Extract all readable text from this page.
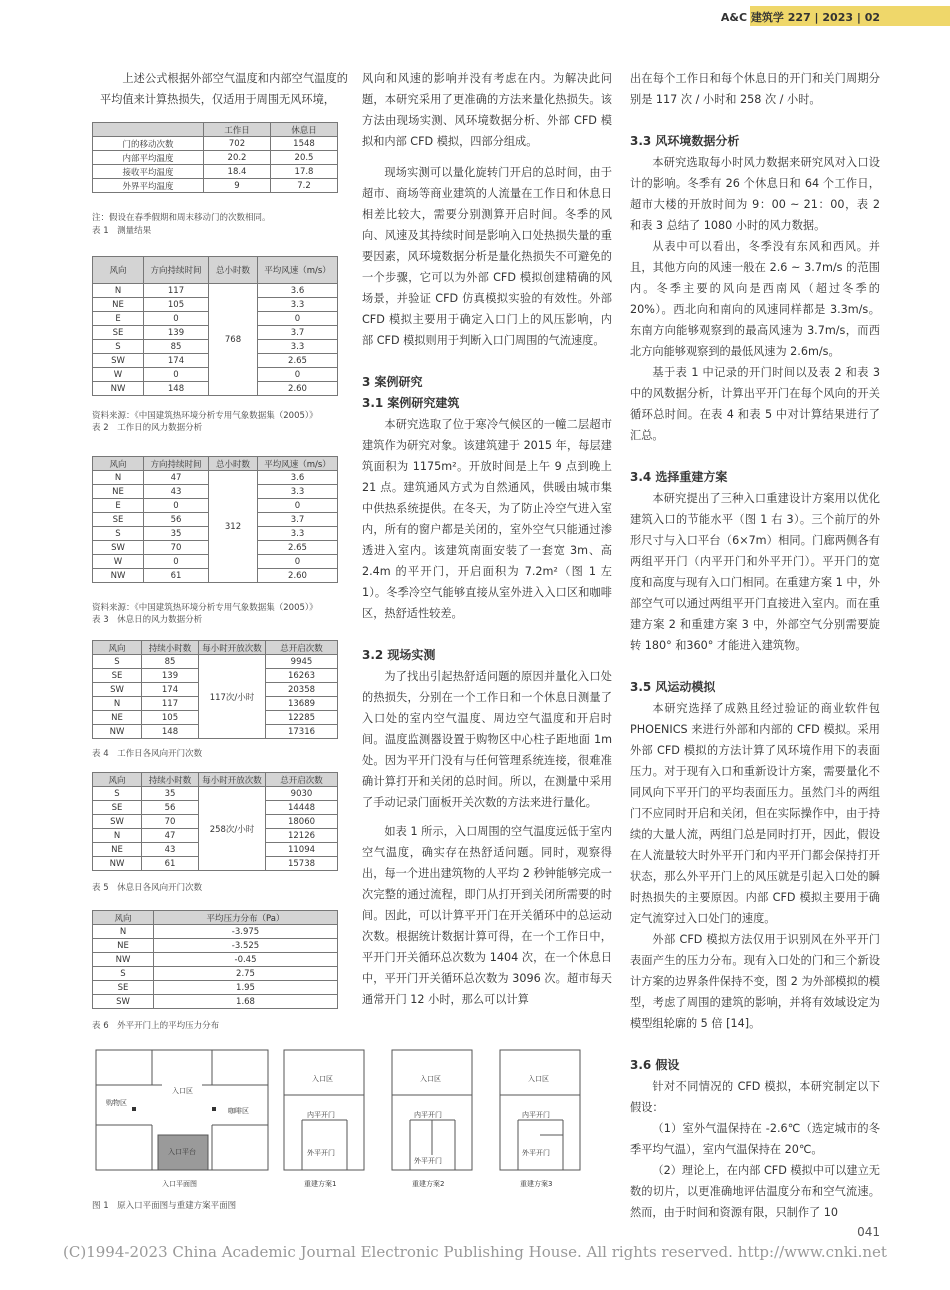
A&C 建筑学 227 | 2023 | 02

上述公式根据外部空气温度和内部空气温度的平均值来计算热损失，仅适用于周围无风环境，

	工作日	休息日
门的移动次数	702	1548
内部平均温度	20.2	20.5
接收平均温度	18.4	17.8
外界平均温度	9	7.2
注：假设在春季假期和周末移动门的次数相同。
表 1　测量结果
风向	方向持续时间	总小时数	平均风速（m/s）
N	117	768	3.6
NE	105		3.3
E	0		0
SE	139		3.7
S	85		3.3
SW	174		2.65
W	0		0
NW	148		2.60
资料来源：《中国建筑热环境分析专用气象数据集（2005）》
表 2　工作日的风力数据分析
风向	方向持续时间	总小时数	平均风速（m/s）
N	47	312	3.6
NE	43		3.3
E	0		0
SE	56		3.7
S	35		3.3
SW	70		2.65
W	0		0
NW	61		2.60
资料来源：《中国建筑热环境分析专用气象数据集（2005）》
表 3　休息日的风力数据分析
风向	持续小时数	每小时开放次数	总开启次数
S	85	117次/小时	9945
SE	139		16263
SW	174		20358
N	117		13689
NE	105		12285
NW	148		17316
表 4　工作日各风向开门次数
风向	持续小时数	每小时开放次数	总开启次数
S	35	258次/小时	9030
SE	56		14448
SW	70		18060
N	47		12126
NE	43		11094
NW	61		15738
表 5　休息日各风向开门次数
风向	平均压力分布（Pa）
N	-3.975
NE	-3.525
NW	-0.45
S	2.75
SE	1.95
SW	1.68
表 6　外平开门上的平均压力分布

风向和风速的影响并没有考虑在内。为解决此问题，本研究采用了更准确的方法来量化热损失。该方法由现场实测、风环境数据分析、外部 CFD 模拟和内部 CFD 模拟，四部分组成。

现场实测可以量化旋转门开启的总时间，由于超市、商场等商业建筑的人流量在工作日和休息日相差比较大，需要分别测算开启时间。冬季的风向、风速及其持续时间是影响入口处热损失量的重要因素，风环境数据分析是量化热损失不可避免的一个步骤，它可以为外部 CFD 模拟创建精确的风场景，并验证 CFD 仿真模拟实验的有效性。外部 CFD 模拟主要用于确定入口门上的风压影响，内部 CFD 模拟则用于判断入口门周围的气流速度。

3 案例研究
3.1 案例研究建筑

本研究选取了位于寒冷气候区的一幢二层超市建筑作为研究对象。该建筑建于 2015 年，每层建筑面积为 1175m²。开放时间是上午 9 点到晚上 21 点。建筑通风方式为自然通风，供暖由城市集中供热系统提供。在冬天，为了防止冷空气进入室内，所有的窗户都是关闭的，室外空气只能通过渗透进入室内。该建筑南面安装了一套宽 3m、高 2.4m 的平开门，开启面积为 7.2m²（图 1 左 1）。冬季冷空气能够直接从室外进入入口区和咖啡区，热舒适性较差。

3.2 现场实测

为了找出引起热舒适问题的原因并量化入口处的热损失，分别在一个工作日和一个休息日测量了入口处的室内空气温度、周边空气温度和开启时间。温度监测器设置于购物区中心柱子距地面 1m 处。因为平开门没有与任何管理系统连接，很难准确计算打开和关闭的总时间。所以，在测量中采用了手动记录门面板开关次数的方法来进行量化。

如表 1 所示，入口周围的空气温度远低于室内空气温度，确实存在热舒适问题。同时，观察得出，每一个进出建筑物的人平均 2 秒钟能够完成一次完整的通过流程，即门从打开到关闭所需要的时间。因此，可以计算平开门在开关循环中的总运动次数。根据统计数据计算可得，在一个工作日中，平开门开关循环总次数为 1404 次，在一个休息日中，平开门开关循环总次数为 3096 次。超市每天通常开门 12 小时，那么可以计算

出在每个工作日和每个休息日的开门和关门周期分别是 117 次 / 小时和 258 次 / 小时。

3.3 风环境数据分析

本研究选取每小时风力数据来研究风对入口设计的影响。冬季有 26 个休息日和 64 个工作日，超市大楼的开放时间为 9：00 ~ 21：00，表 2 和表 3 总结了 1080 小时的风力数据。

从表中可以看出，冬季没有东风和西风。并且，其他方向的风速一般在 2.6 ~ 3.7m/s 的范围内。冬季主要的风向是西南风（超过冬季的 20%）。西北向和南向的风速同样都是 3.3m/s。东南方向能够观察到的最高风速为 3.7m/s，而西北方向能够观察到的最低风速为 2.6m/s。

基于表 1 中记录的开门时间以及表 2 和表 3 中的风数据分析，计算出平开门在每个风向的开关循环总时间。在表 4 和表 5 中对计算结果进行了汇总。

3.4 选择重建方案

本研究提出了三种入口重建设计方案用以优化建筑入口的节能水平（图 1 右 3）。三个前厅的外形尺寸与入口平台（6×7m）相同。门廊两侧各有两组平开门（内平开门和外平开门）。平开门的宽度和高度与现有入口门相同。在重建方案 1 中，外部空气可以通过两组平开门直接进入室内。而在重建方案 2 和重建方案 3 中，外部空气分别需要旋转 180° 和360° 才能进入建筑物。

3.5 风运动模拟

本研究选择了成熟且经过验证的商业软件包 PHOENICS 来进行外部和内部的 CFD 模拟。采用外部 CFD 模拟的方法计算了风环境作用下的表面压力。对于现有入口和重新设计方案，需要量化不同风向下平开门的平均表面压力。虽然门斗的两组门不应同时开启和关闭，但在实际操作中，由于持续的大量人流，两组门总是同时打开，因此，假设在人流量较大时外平开门和内平开门都会保持打开状态，那么外平开门上的风压就是引起入口处的瞬时热损失的主要原因。内部 CFD 模拟主要用于确定气流穿过入口处门的速度。

外部 CFD 模拟方法仅用于识别风在外平开门表面产生的压力分布。现有入口处的门和三个新设计方案的边界条件保持不变，图 2 为外部模拟的模型，考虑了周围的建筑的影响，并将有效域设定为模型组轮廓的 5 倍 [14]。

3.6 假设

针对不同情况的 CFD 模拟，本研究制定以下假设：

（1）室外气温保持在 -2.6℃（选定城市的冬季平均气温），室内气温保持在 20℃。

（2）理论上，在内部 CFD 模拟中可以建立无数的切片，以更准确地评估温度分布和空气流速。然而，由于时间和资源有限，只制作了 10

入口区
购物区
咖啡区
入口平台
入口平面图
入口区
内平开门
外平开门
重建方案1
入口区
内平开门
外平开门
重建方案2
入口区
内平开门
外平开门
重建方案3
图 1　原入口平面图与重建方案平面图
041
(C)1994-2023 China Academic Journal Electronic Publishing House. All rights reserved. http://www.cnki.net
